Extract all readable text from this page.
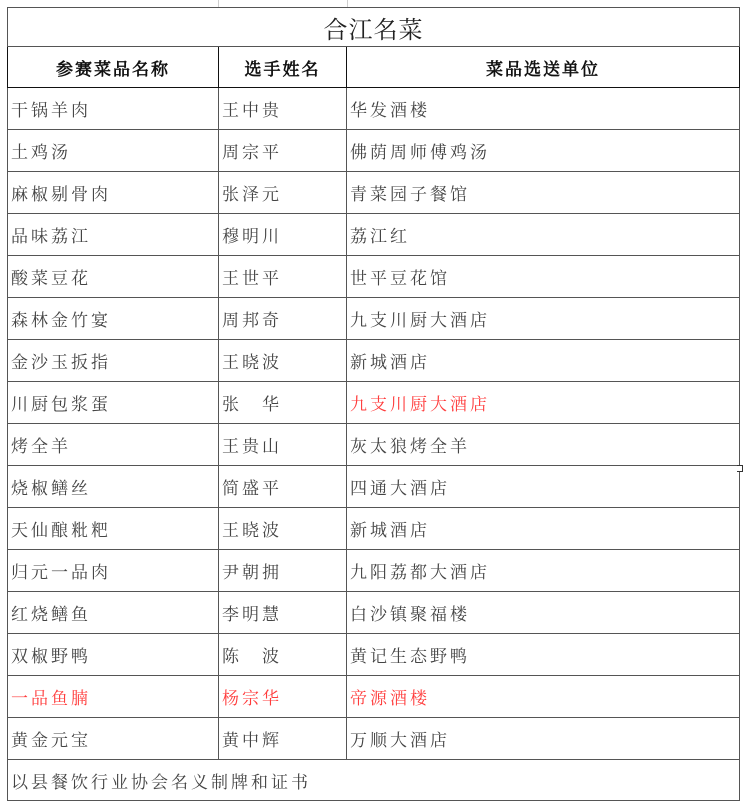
合江名菜		
参赛菜品名称	选手姓名	菜品选送单位
干锅羊肉	王中贵	华发酒楼
土鸡汤	周宗平	佛荫周师傅鸡汤
麻椒剔骨肉	张泽元	青菜园子餐馆
品味荔江	穆明川	荔江红
酸菜豆花	王世平	世平豆花馆
森林金竹宴	周邦奇	九支川厨大酒店
金沙玉扳指	王晓波	新城酒店
川厨包浆蛋	张　华	九支川厨大酒店
烤全羊	王贵山	灰太狼烤全羊
烧椒鳝丝	简盛平	四通大酒店
天仙酿粃粑	王晓波	新城酒店
归元一品肉	尹朝拥	九阳荔都大酒店
红烧鳝鱼	李明慧	白沙镇聚福楼
双椒野鸭	陈　波	黄记生态野鸭
一品鱼腩	杨宗华	帝源酒楼
黄金元宝	黄中辉	万顺大酒店
以县餐饮行业协会名义制牌和证书		
